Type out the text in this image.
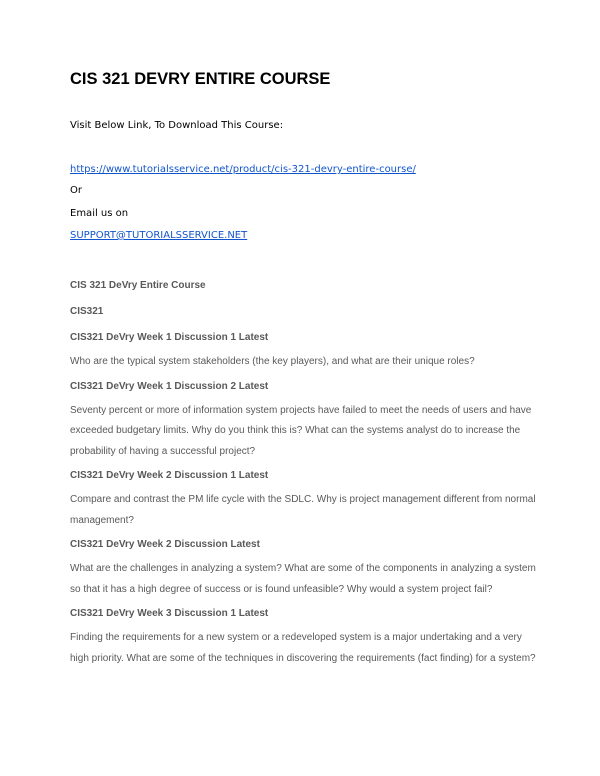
CIS 321 DEVRY ENTIRE COURSE
Visit Below Link, To Download This Course:
https://www.tutorialsservice.net/product/cis-321-devry-entire-course/
Or
Email us on
SUPPORT@TUTORIALSSERVICE.NET
CIS 321 DeVry Entire Course
CIS321
CIS321 DeVry Week 1 Discussion 1 Latest
Who are the typical system stakeholders (the key players), and what are their unique roles?
CIS321 DeVry Week 1 Discussion 2 Latest
Seventy percent or more of information system projects have failed to meet the needs of users and have exceeded budgetary limits. Why do you think this is? What can the systems analyst do to increase the probability of having a successful project?
CIS321 DeVry Week 2 Discussion 1 Latest
Compare and contrast the PM life cycle with the SDLC. Why is project management different from normal management?
CIS321 DeVry Week 2 Discussion Latest
What are the challenges in analyzing a system? What are some of the components in analyzing a system so that it has a high degree of success or is found unfeasible? Why would a system project fail?
CIS321 DeVry Week 3 Discussion 1 Latest
Finding the requirements for a new system or a redeveloped system is a major undertaking and a very high priority. What are some of the techniques in discovering the requirements (fact finding) for a system?
